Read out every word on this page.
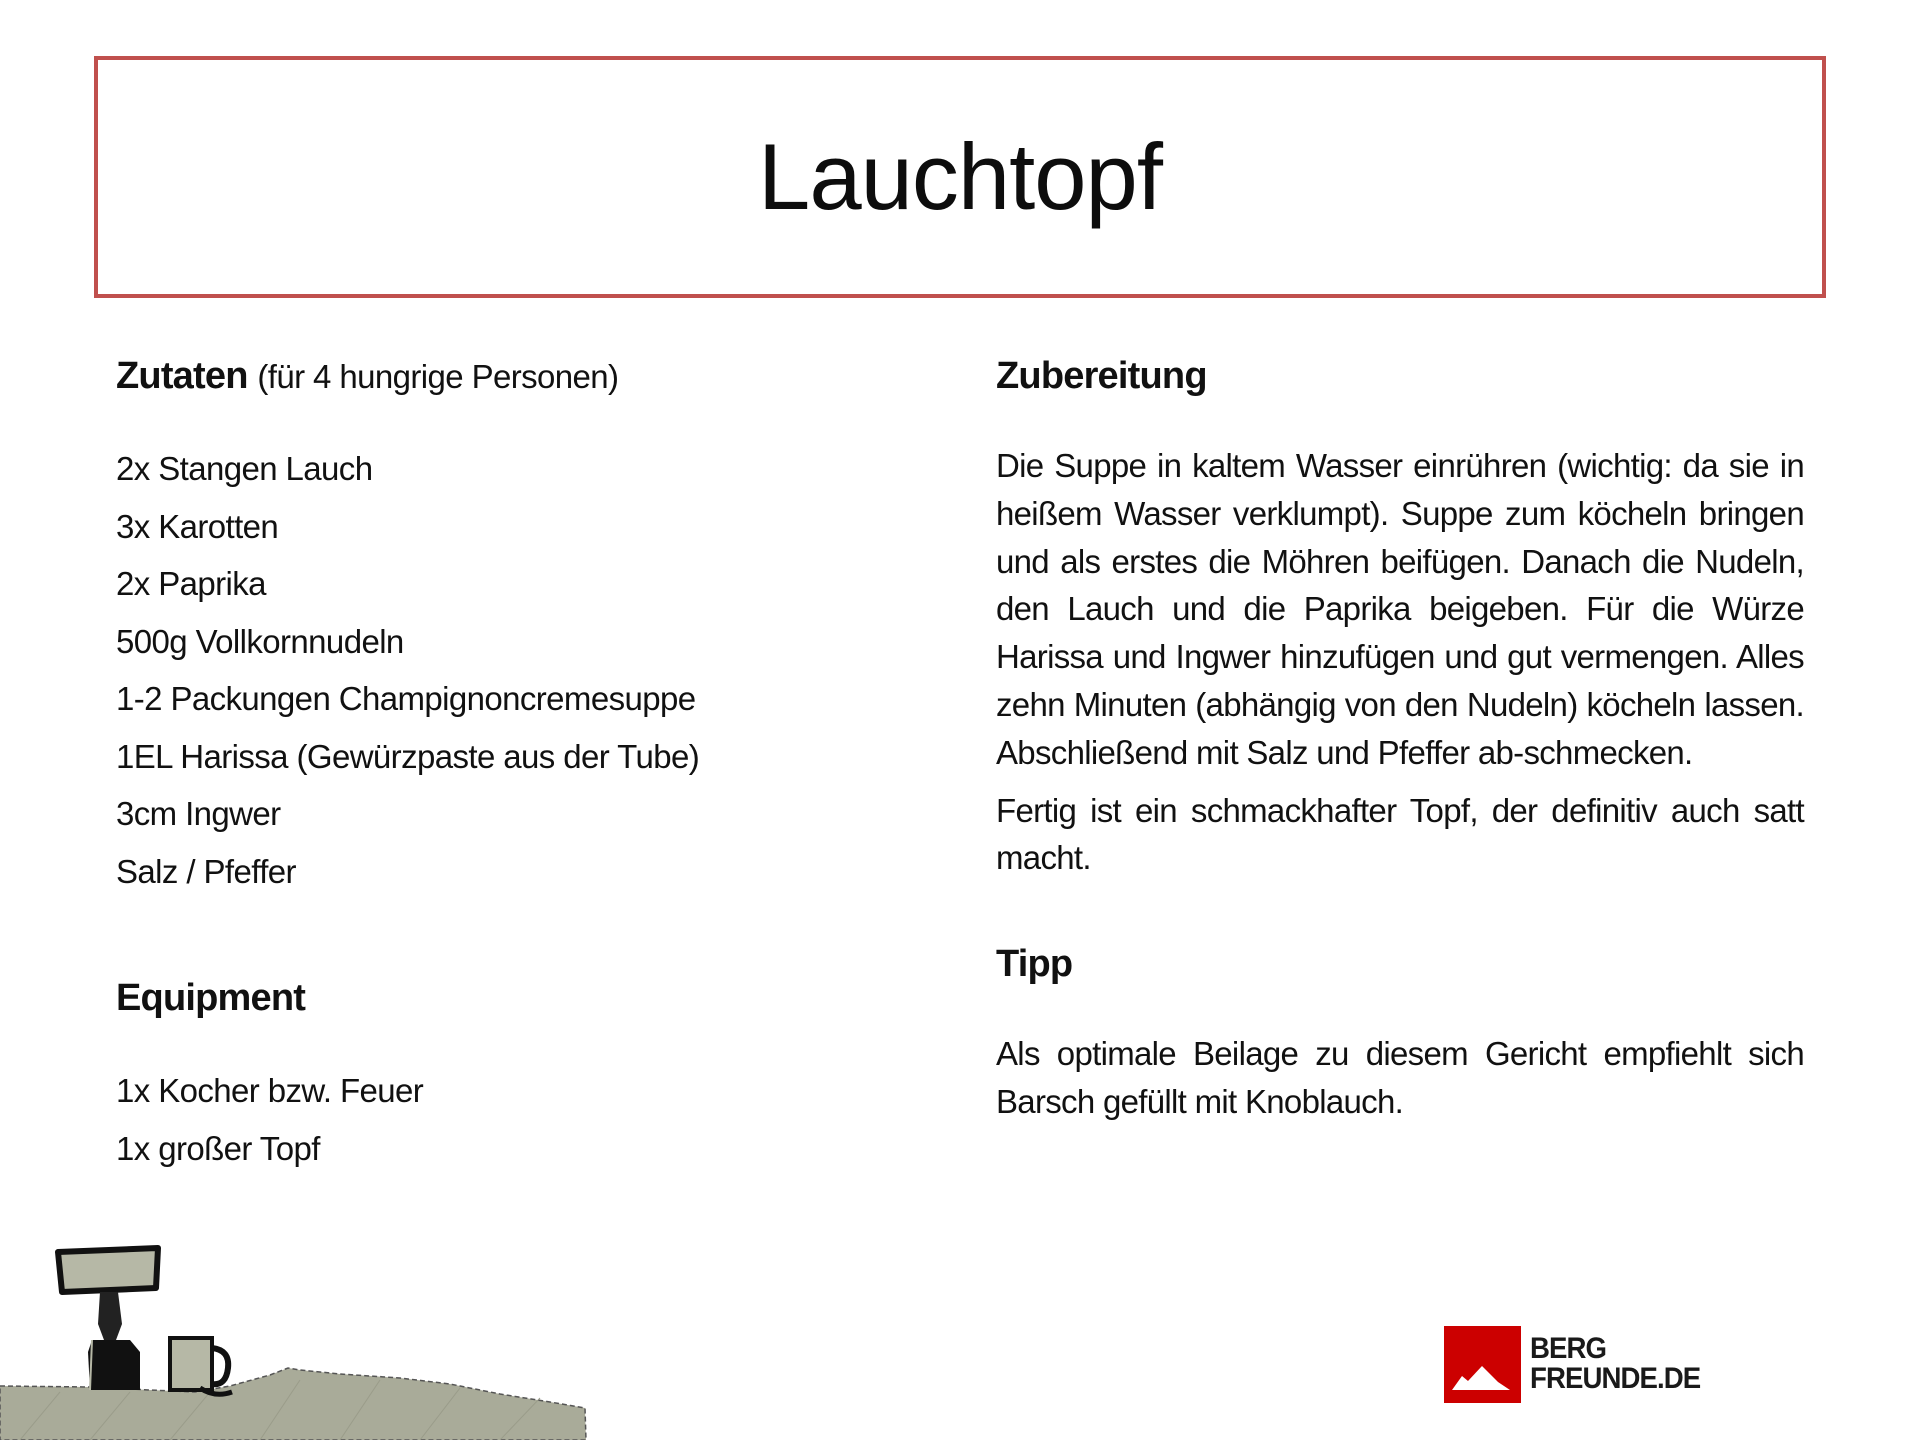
Lauchtopf
Zutaten (für 4 hungrige Personen)
2x Stangen Lauch
3x Karotten
2x Paprika
500g Vollkornnudeln
1-2 Packungen Champignoncremesuppe
1EL Harissa (Gewürzpaste aus der Tube)
3cm Ingwer
Salz / Pfeffer
Equipment
1x Kocher bzw. Feuer
1x großer Topf
Zubereitung

Die Suppe in kaltem Wasser einrühren (wichtig: da sie in heißem Wasser verklumpt). Suppe zum köcheln bringen und als erstes die Möhren beifügen. Danach die Nudeln, den Lauch und die Paprika beigeben. Für die Würze Harissa und Ingwer hinzufügen und gut vermengen. Alles zehn Minuten (abhängig von den Nudeln) köcheln lassen. Abschließend mit Salz und Pfeffer ab-schmecken.

Fertig ist ein schmackhafter Topf, der definitiv auch satt macht.

Tipp

Als optimale Beilage zu diesem Gericht empfiehlt sich Barsch gefüllt mit Knoblauch.

BERG
FREUNDE.DE
